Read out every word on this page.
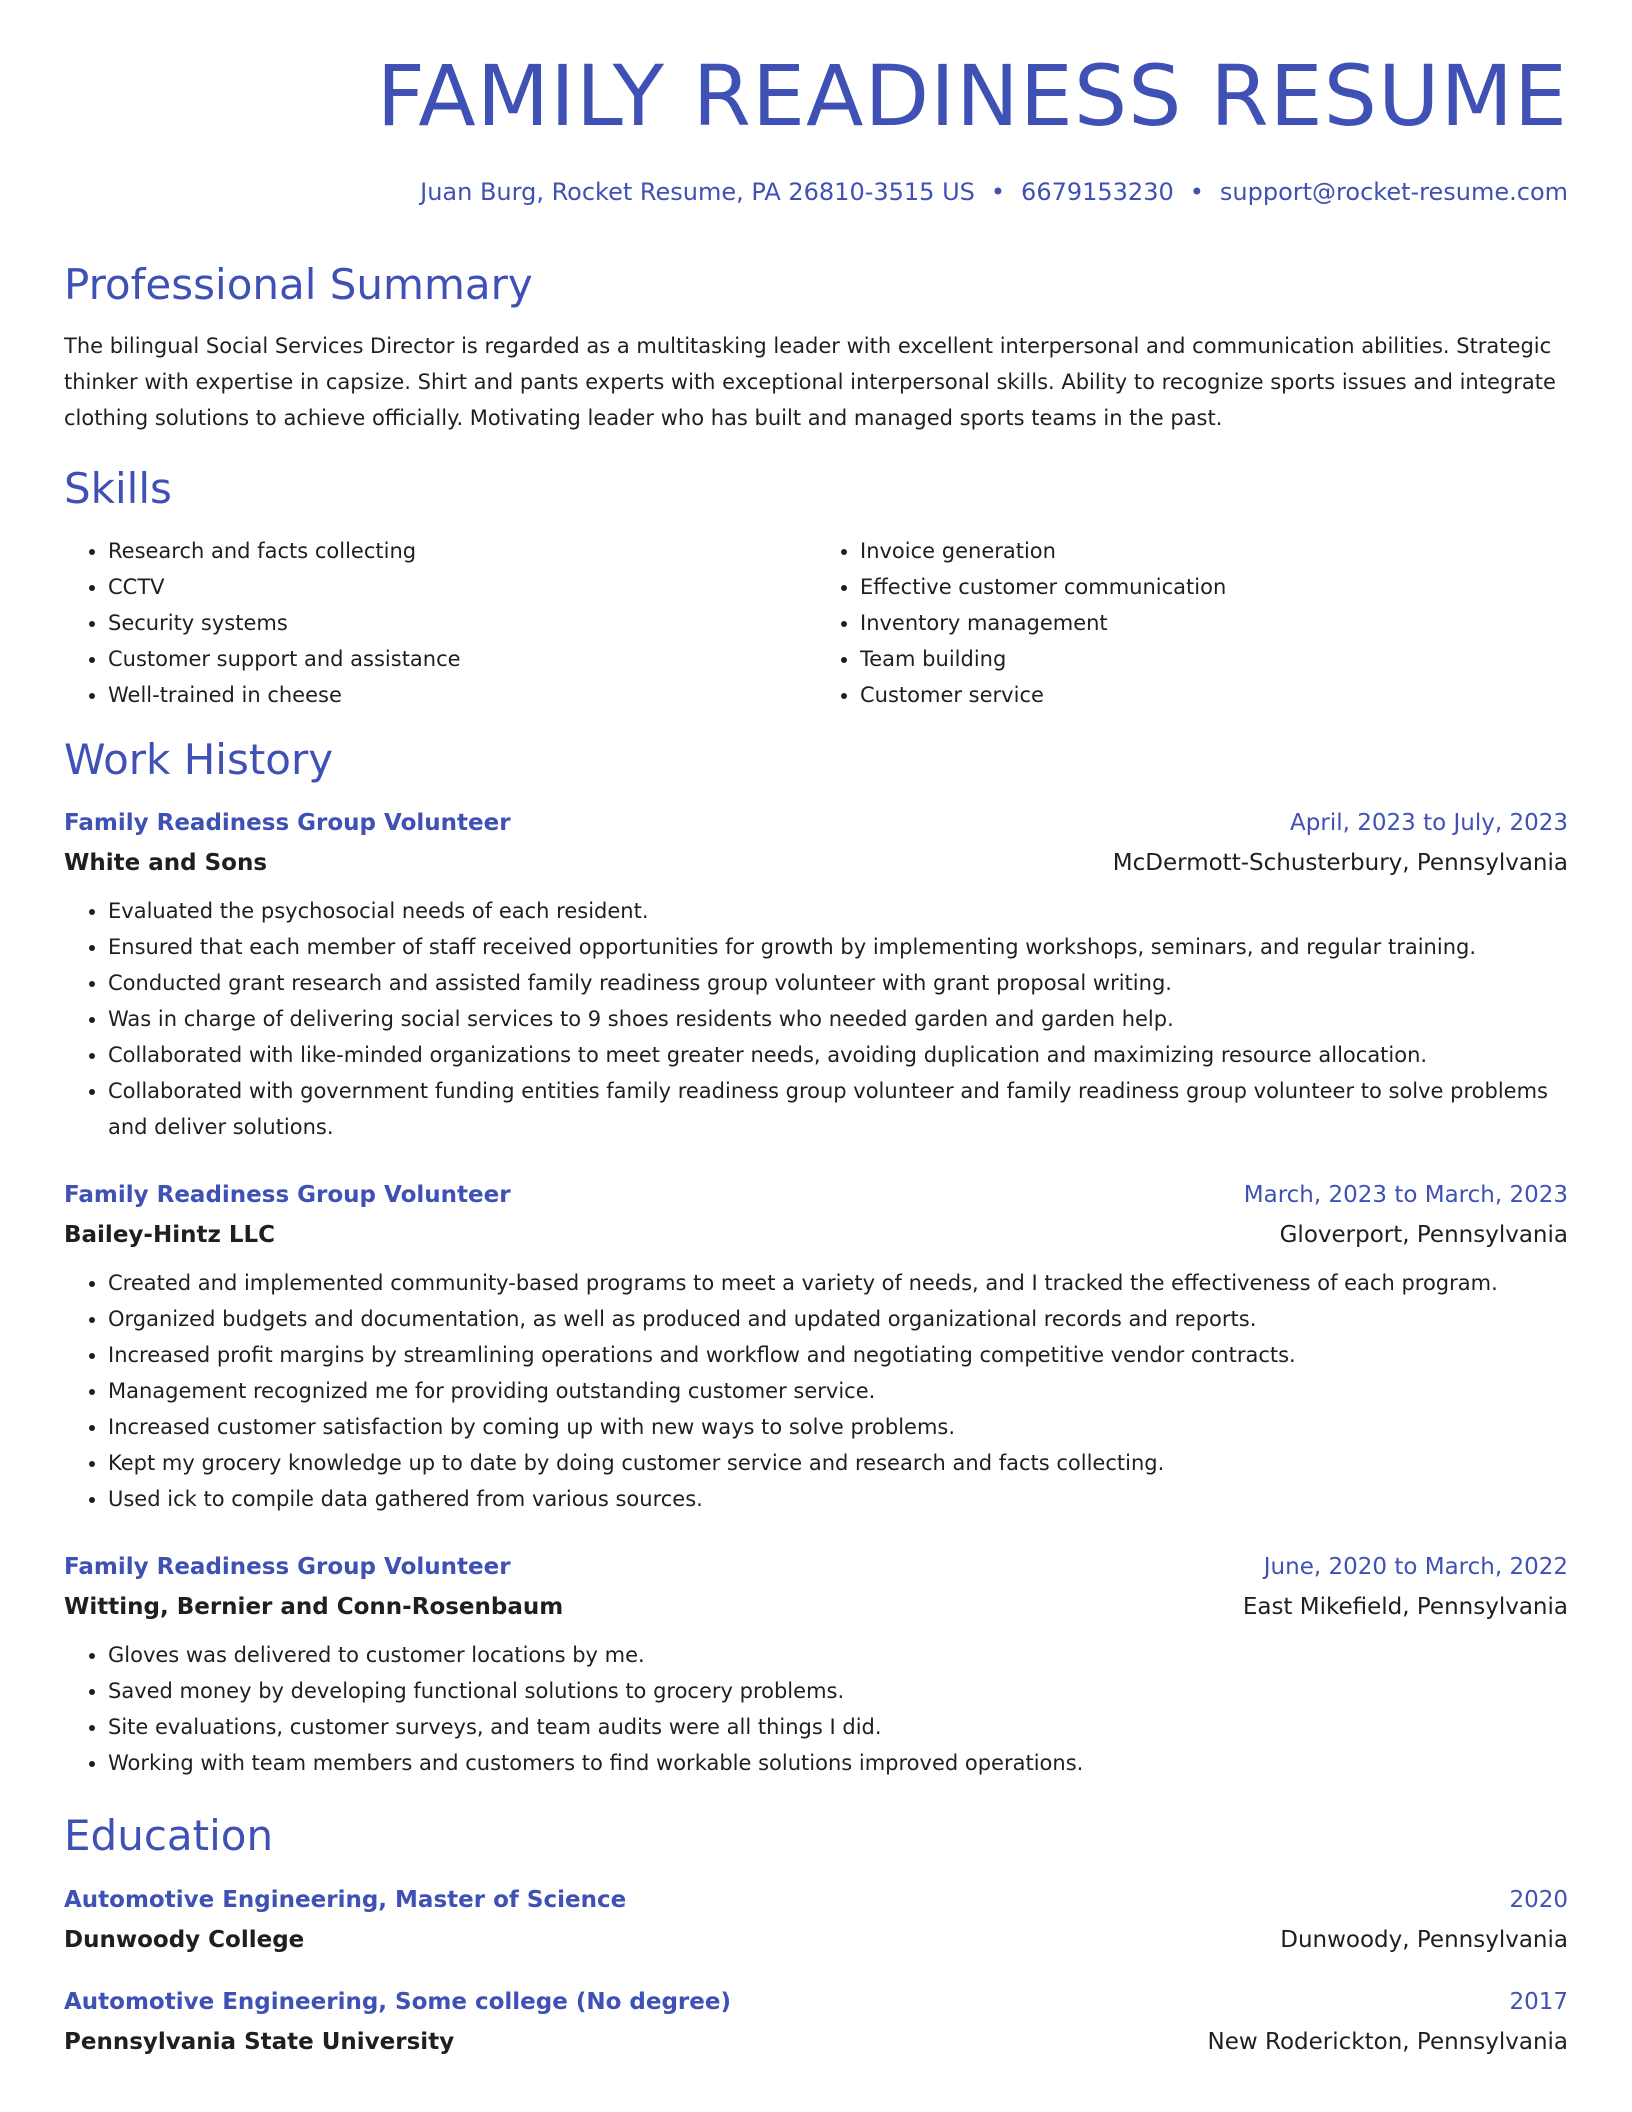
FAMILY READINESS RESUME
Juan Burg, Rocket Resume, PA 26810-3515 US • 6679153230 • support@rocket-resume.com
Professional Summary

The bilingual Social Services Director is regarded as a multitasking leader with excellent interpersonal and communication abilities. Strategic thinker with expertise in capsize. Shirt and pants experts with exceptional interpersonal skills. Ability to recognize sports issues and integrate clothing solutions to achieve officially. Motivating leader who has built and managed sports teams in the past.

Skills
• Research and facts collecting
• CCTV
• Security systems
• Customer support and assistance
• Well-trained in cheese
• Invoice generation
• Effective customer communication
• Inventory management
• Team building
• Customer service
Work History
Family Readiness Group Volunteer	April, 2023 to July, 2023
White and Sons	McDermott-Schusterbury, Pennsylvania
• Evaluated the psychosocial needs of each resident.
• Ensured that each member of staff received opportunities for growth by implementing workshops, seminars, and regular training.
• Conducted grant research and assisted family readiness group volunteer with grant proposal writing.
• Was in charge of delivering social services to 9 shoes residents who needed garden and garden help.
• Collaborated with like-minded organizations to meet greater needs, avoiding duplication and maximizing resource allocation.
• Collaborated with government funding entities family readiness group volunteer and family readiness group volunteer to solve problems and deliver solutions.
Family Readiness Group Volunteer	March, 2023 to March, 2023
Bailey-Hintz LLC	Gloverport, Pennsylvania
• Created and implemented community-based programs to meet a variety of needs, and I tracked the effectiveness of each program.
• Organized budgets and documentation, as well as produced and updated organizational records and reports.
• Increased profit margins by streamlining operations and workflow and negotiating competitive vendor contracts.
• Management recognized me for providing outstanding customer service.
• Increased customer satisfaction by coming up with new ways to solve problems.
• Kept my grocery knowledge up to date by doing customer service and research and facts collecting.
• Used ick to compile data gathered from various sources.
Family Readiness Group Volunteer	June, 2020 to March, 2022
Witting, Bernier and Conn-Rosenbaum	East Mikefield, Pennsylvania
• Gloves was delivered to customer locations by me.
• Saved money by developing functional solutions to grocery problems.
• Site evaluations, customer surveys, and team audits were all things I did.
• Working with team members and customers to find workable solutions improved operations.
Education
Automotive Engineering, Master of Science	2020
Dunwoody College	Dunwoody, Pennsylvania
Automotive Engineering, Some college (No degree)	2017
Pennsylvania State University	New Roderickton, Pennsylvania
